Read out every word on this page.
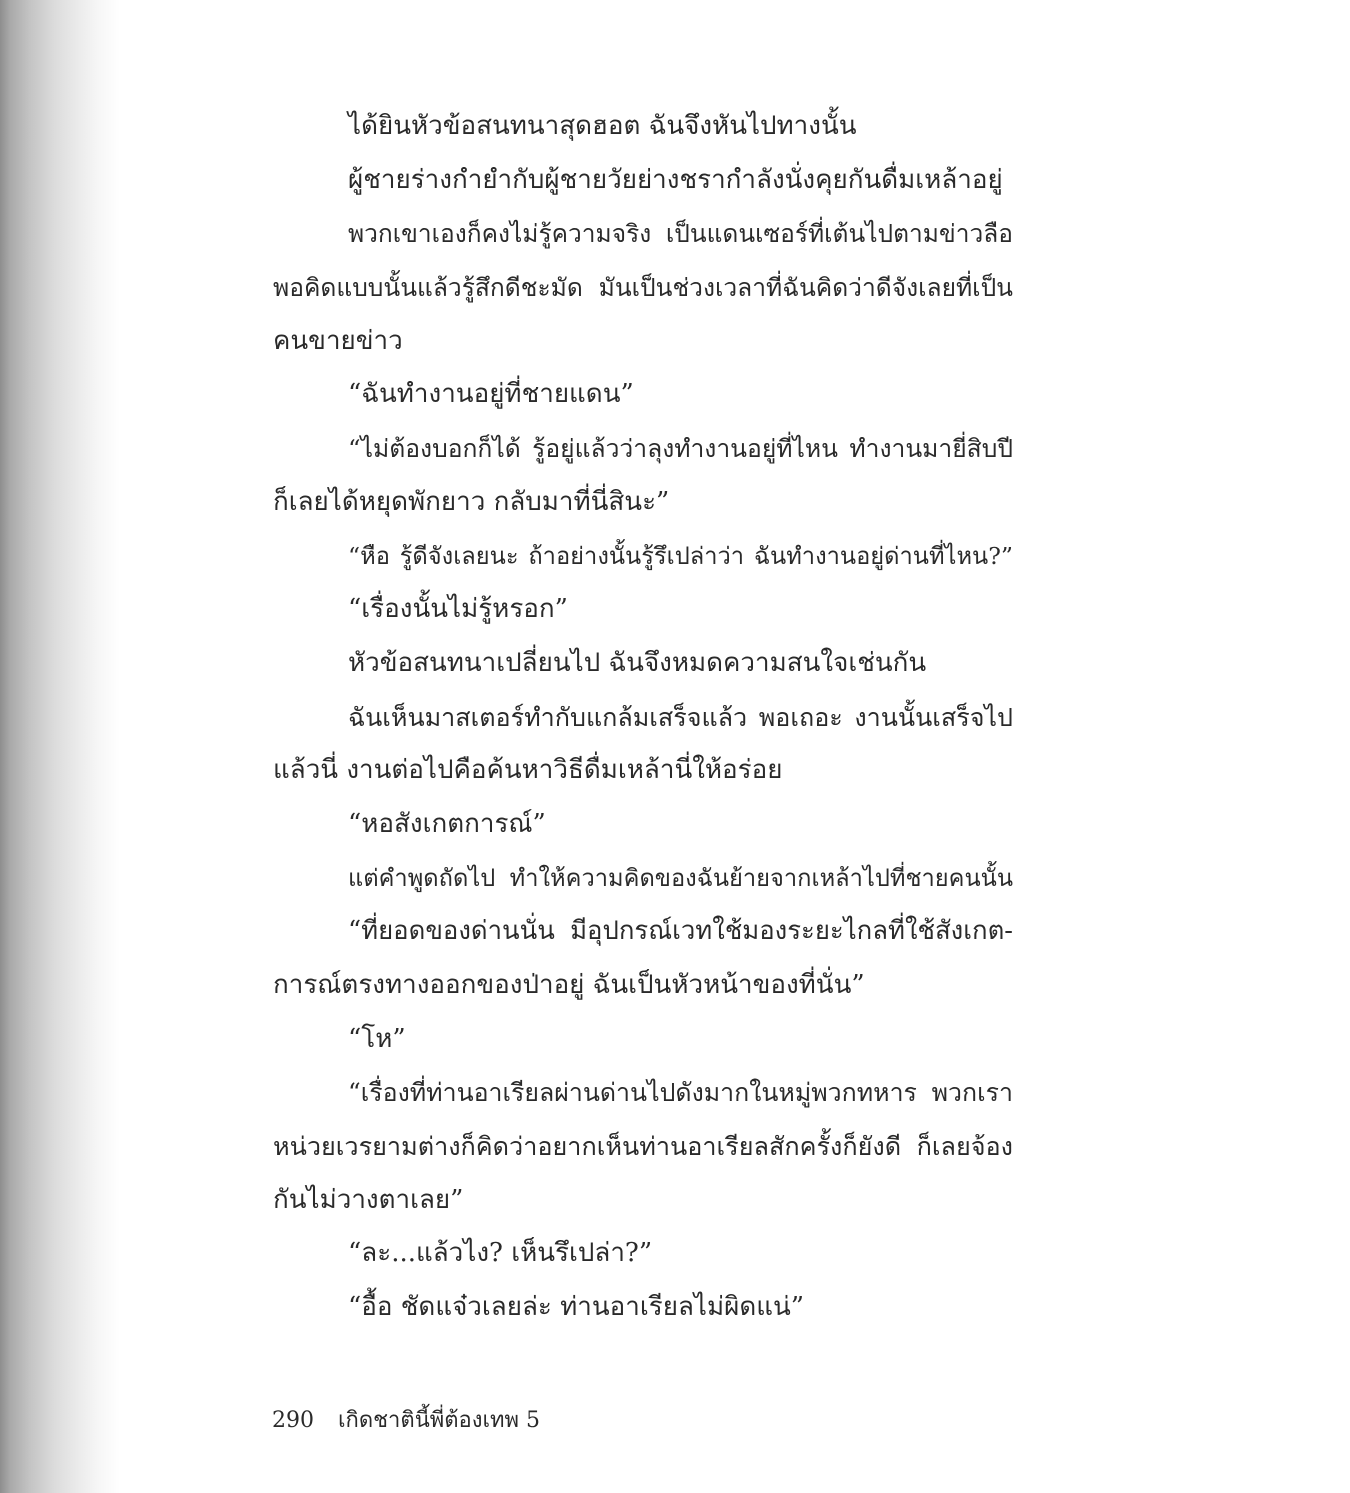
ได้ยินหัวข้อสนทนาสุดฮอต ฉันจึงหันไปทางนั้น
ผู้ชายร่างกำยำกับผู้ชายวัยย่างชรากำลังนั่งคุยกันดื่มเหล้าอยู่
พวกเขาเองก็คงไม่รู้ความจริง เป็นแดนเซอร์ที่เต้นไปตามข่าวลือ
พอคิดแบบนั้นแล้วรู้สึกดีชะมัด มันเป็นช่วงเวลาที่ฉันคิดว่าดีจังเลยที่เป็น
คนขายข่าว
“ฉันทำงานอยู่ที่ชายแดน”
“ไม่ต้องบอกก็ได้ รู้อยู่แล้วว่าลุงทำงานอยู่ที่ไหน ทำงานมายี่สิบปี
ก็เลยได้หยุดพักยาว กลับมาที่นี่สินะ”
“หือ รู้ดีจังเลยนะ ถ้าอย่างนั้นรู้รึเปล่าว่า ฉันทำงานอยู่ด่านที่ไหน?”
“เรื่องนั้นไม่รู้หรอก”
หัวข้อสนทนาเปลี่ยนไป ฉันจึงหมดความสนใจเช่นกัน
ฉันเห็นมาสเตอร์ทำกับแกล้มเสร็จแล้ว พอเถอะ งานนั้นเสร็จไป
แล้วนี่ งานต่อไปคือค้นหาวิธีดื่มเหล้านี่ให้อร่อย
“หอสังเกตการณ์”
แต่คำพูดถัดไป ทำให้ความคิดของฉันย้ายจากเหล้าไปที่ชายคนนั้น
“ที่ยอดของด่านนั่น มีอุปกรณ์เวทใช้มองระยะไกลที่ใช้สังเกต-
การณ์ตรงทางออกของป่าอยู่ ฉันเป็นหัวหน้าของที่นั่น”
“โห”
“เรื่องที่ท่านอาเรียลผ่านด่านไปดังมากในหมู่พวกทหาร พวกเรา
หน่วยเวรยามต่างก็คิดว่าอยากเห็นท่านอาเรียลสักครั้งก็ยังดี ก็เลยจ้อง
กันไม่วางตาเลย”
“ละ...แล้วไง? เห็นรึเปล่า?”
“อื้อ ชัดแจ๋วเลยล่ะ ท่านอาเรียลไม่ผิดแน่”
290 เกิดชาตินี้พี่ต้องเทพ 5
